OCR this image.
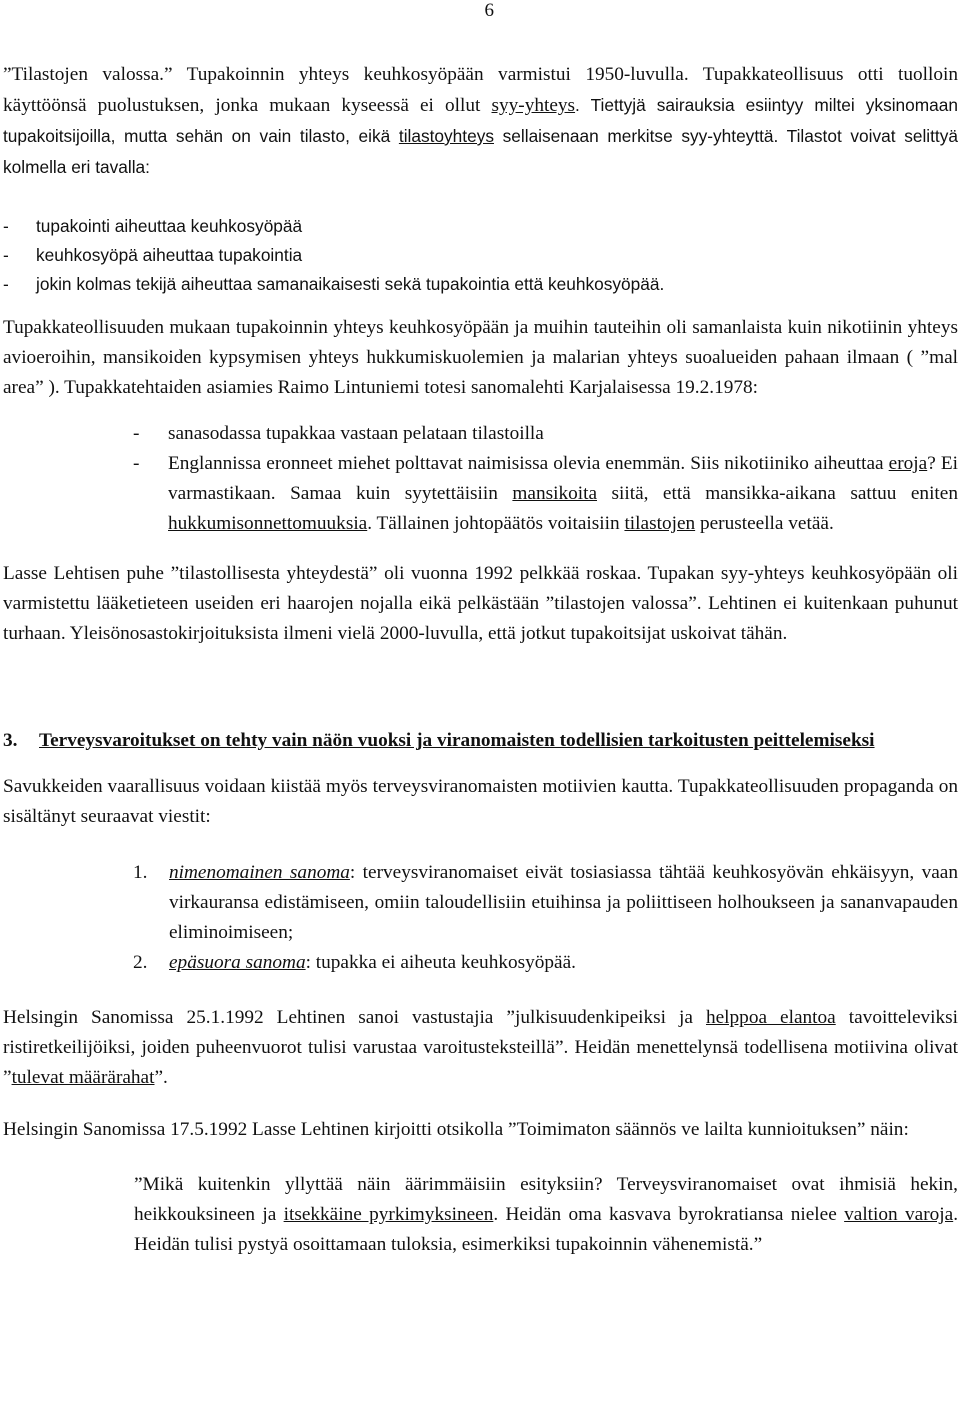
6

”Tilastojen valossa.” Tupakoinnin yhteys keuhkosyöpään varmistui 1950-luvulla. Tupakkateollisuus otti tuolloin käyttöönsä puolustuksen, jonka mukaan kyseessä ei ollut syy-yhteys. Tiettyjä sairauksia esiintyy miltei yksinomaan tupakoitsijoilla, mutta sehän on vain tilasto, eikä tilastoyhteys sellaisenaan merkitse syy-yhteyttä. Tilastot voivat selittyä kolmella eri tavalla:

- tupakointi aiheuttaa keuhkosyöpää
- keuhkosyöpä aiheuttaa tupakointia
- jokin kolmas tekijä aiheuttaa samanaikaisesti sekä tupakointia että keuhkosyöpää.

Tupakkateollisuuden mukaan tupakoinnin yhteys keuhkosyöpään ja muihin tauteihin oli samanlaista kuin nikotiinin yhteys avioeroihin, mansikoiden kypsymisen yhteys hukkumiskuolemien ja malarian yhteys suoalueiden pahaan ilmaan ( ”mal area” ). Tupakkatehtaiden asiamies Raimo Lintuniemi totesi sanomalehti Karjalaisessa 19.2.1978:

- sanasodassa tupakkaa vastaan pelataan tilastoilla
- Englannissa eronneet miehet polttavat naimisissa olevia enemmän. Siis nikotiiniko aiheuttaa eroja? Ei varmastikaan. Samaa kuin syytettäisiin mansikoita siitä, että mansikka-aikana sattuu eniten hukkumisonnettomuuksia. Tällainen johtopäätös voitaisiin tilastojen perusteella vetää.

Lasse Lehtisen puhe ”tilastollisesta yhteydestä” oli vuonna 1992 pelkkää roskaa. Tupakan syy-yhteys keuhkosyöpään oli varmistettu lääketieteen useiden eri haarojen nojalla eikä pelkästään ”tilastojen valossa”. Lehtinen ei kuitenkaan puhunut turhaan. Yleisönosastokirjoituksista ilmeni vielä 2000-luvulla, että jotkut tupakoitsijat uskoivat tähän.

3. Terveysvaroitukset on tehty vain näön vuoksi ja viranomaisten todellisien tarkoitusten peittelemiseksi

Savukkeiden vaarallisuus voidaan kiistää myös terveysviranomaisten motiivien kautta. Tupakkateollisuuden propaganda on sisältänyt seuraavat viestit:

1. nimenomainen sanoma: terveysviranomaiset eivät tosiasiassa tähtää keuhkosyövän ehkäisyyn, vaan virkauransa edistämiseen, omiin taloudellisiin etuihinsa ja poliittiseen holhoukseen ja sananvapauden eliminoimiseen;
2. epäsuora sanoma: tupakka ei aiheuta keuhkosyöpää.

Helsingin Sanomissa 25.1.1992 Lehtinen sanoi vastustajia ”julkisuudenkipeiksi ja helppoa elantoa tavoitteleviksi ristiretkeilijöiksi, joiden puheenvuorot tulisi varustaa varoitusteksteillä”. Heidän menettelynsä todellisena motiivina olivat ”tulevat määrärahat”.

Helsingin Sanomissa 17.5.1992 Lasse Lehtinen kirjoitti otsikolla ”Toimimaton säännös ve lailta kunnioituksen” näin:

”Mikä kuitenkin yllyttää näin äärimmäisiin esityksiin? Terveysviranomaiset ovat ihmisiä hekin, heikkouksineen ja itsekkäine pyrkimyksineen. Heidän oma kasvava byrokratiansa nielee valtion varoja. Heidän tulisi pystyä osoittamaan tuloksia, esimerkiksi tupakoinnin vähenemistä.”
